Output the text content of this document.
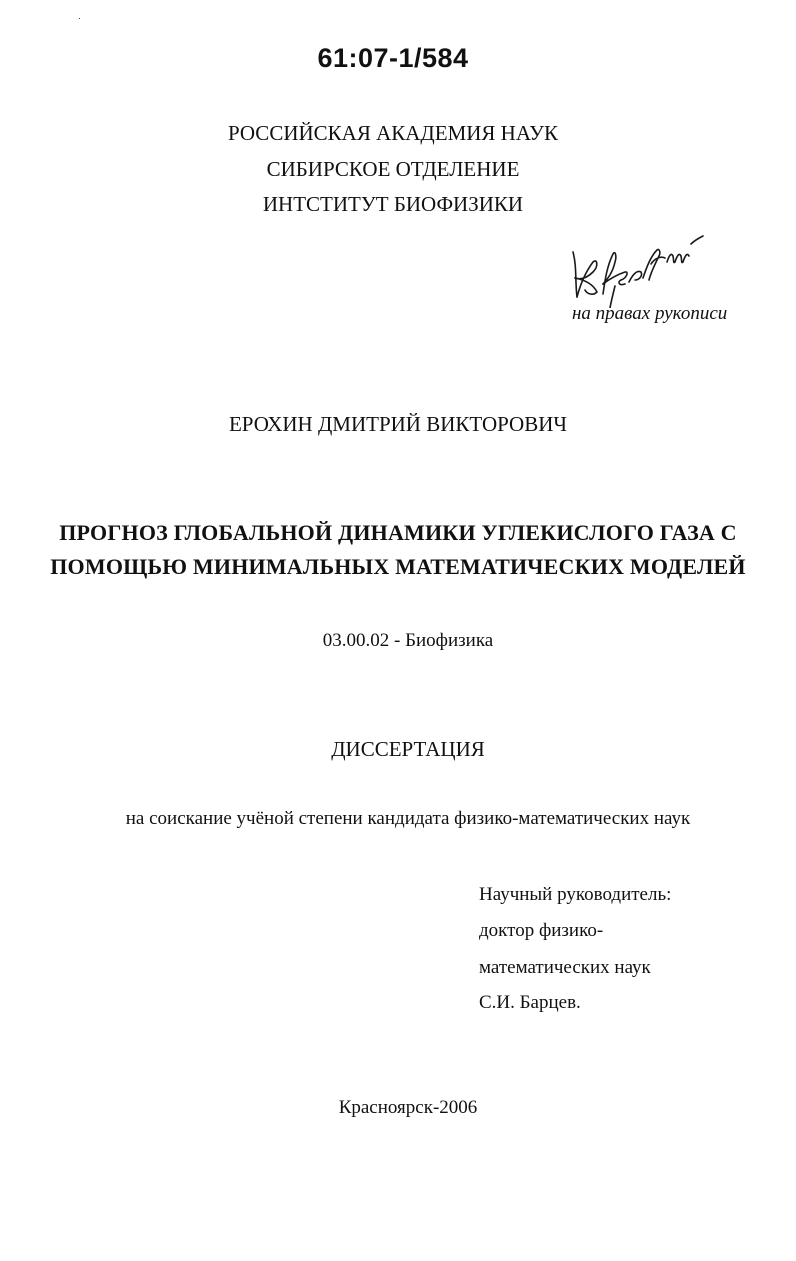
61:07-1/584
РОССИЙСКАЯ АКАДЕМИЯ НАУК
СИБИРСКОЕ ОТДЕЛЕНИЕ
ИНТСТИТУТ БИОФИЗИКИ
на правах рукописи
ЕРОХИН ДМИТРИЙ ВИКТОРОВИЧ
ПРОГНОЗ ГЛОБАЛЬНОЙ ДИНАМИКИ УГЛЕКИСЛОГО ГАЗА С
ПОМОЩЬЮ МИНИМАЛЬНЫХ МАТЕМАТИЧЕСКИХ МОДЕЛЕЙ
03.00.02 - Биофизика
ДИССЕРТАЦИЯ
на соискание учёной степени кандидата физико-математических наук
Научный руководитель:
доктор физико-
математических наук
С.И. Барцев.
Красноярск-2006
